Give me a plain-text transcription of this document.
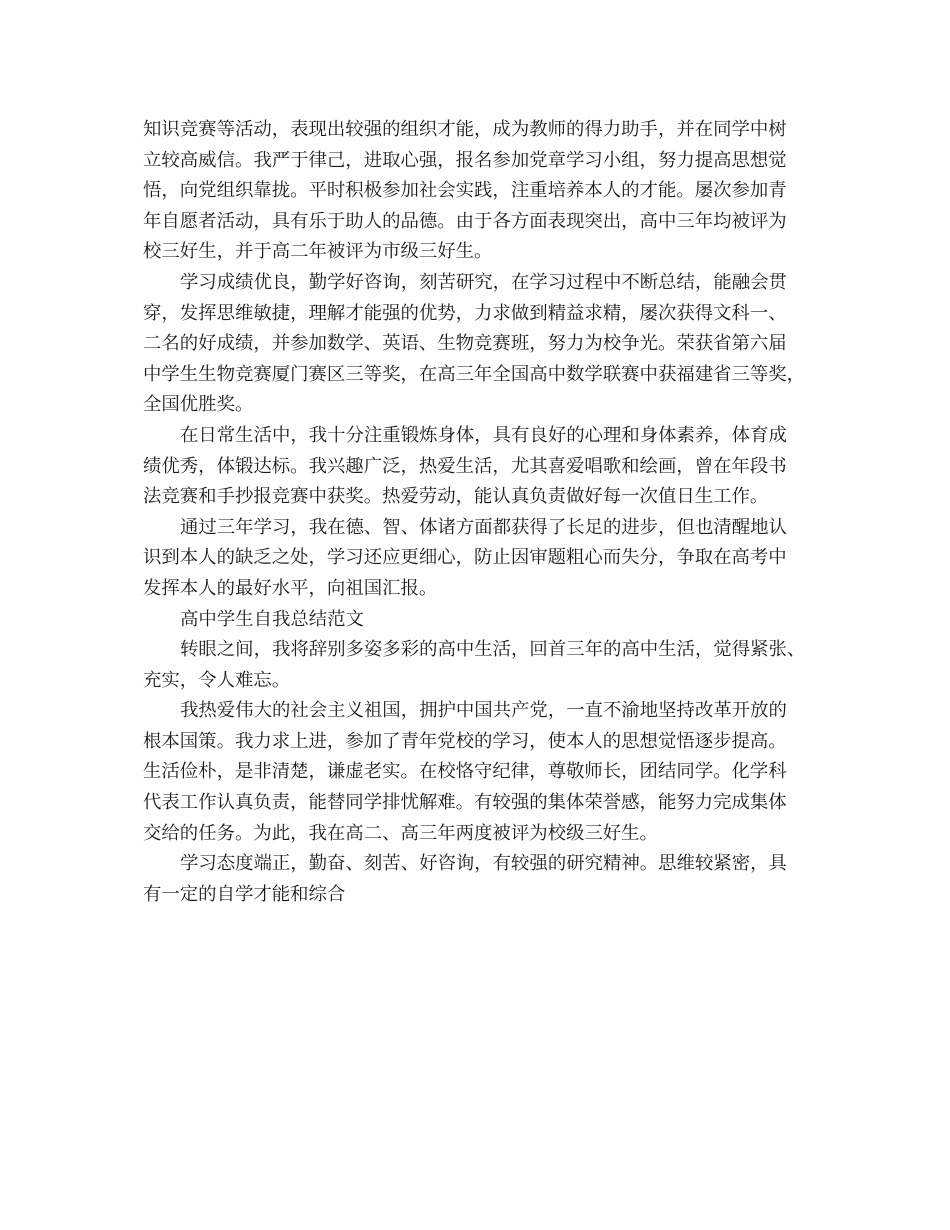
知识竞赛等活动，表现出较强的组织才能，成为教师的得力助手，并在同学中树
立较高威信。我严于律己，进取心强，报名参加党章学习小组，努力提高思想觉
悟，向党组织靠拢。平时积极参加社会实践，注重培养本人的才能。屡次参加青
年自愿者活动，具有乐于助人的品德。由于各方面表现突出，高中三年均被评为
校三好生，并于高二年被评为市级三好生。
学习成绩优良，勤学好咨询，刻苦研究，在学习过程中不断总结，能融会贯
穿，发挥思维敏捷，理解才能强的优势，力求做到精益求精，屡次获得文科一、
二名的好成绩，并参加数学、英语、生物竞赛班，努力为校争光。荣获省第六届
中学生生物竞赛厦门赛区三等奖，在高三年全国高中数学联赛中获福建省三等奖，
全国优胜奖。
在日常生活中，我十分注重锻炼身体，具有良好的心理和身体素养，体育成
绩优秀，体锻达标。我兴趣广泛，热爱生活，尤其喜爱唱歌和绘画，曾在年段书
法竞赛和手抄报竞赛中获奖。热爱劳动，能认真负责做好每一次值日生工作。
通过三年学习，我在德、智、体诸方面都获得了长足的进步，但也清醒地认
识到本人的缺乏之处，学习还应更细心，防止因审题粗心而失分，争取在高考中
发挥本人的最好水平，向祖国汇报。
高中学生自我总结范文
转眼之间，我将辞别多姿多彩的高中生活，回首三年的高中生活，觉得紧张、
充实，令人难忘。
我热爱伟大的社会主义祖国，拥护中国共产党，一直不渝地坚持改革开放的
根本国策。我力求上进，参加了青年党校的学习，使本人的思想觉悟逐步提高。
生活俭朴，是非清楚，谦虚老实。在校恪守纪律，尊敬师长，团结同学。化学科
代表工作认真负责，能替同学排忧解难。有较强的集体荣誉感，能努力完成集体
交给的任务。为此，我在高二、高三年两度被评为校级三好生。
学习态度端正，勤奋、刻苦、好咨询，有较强的研究精神。思维较紧密，具
有一定的自学才能和综合
